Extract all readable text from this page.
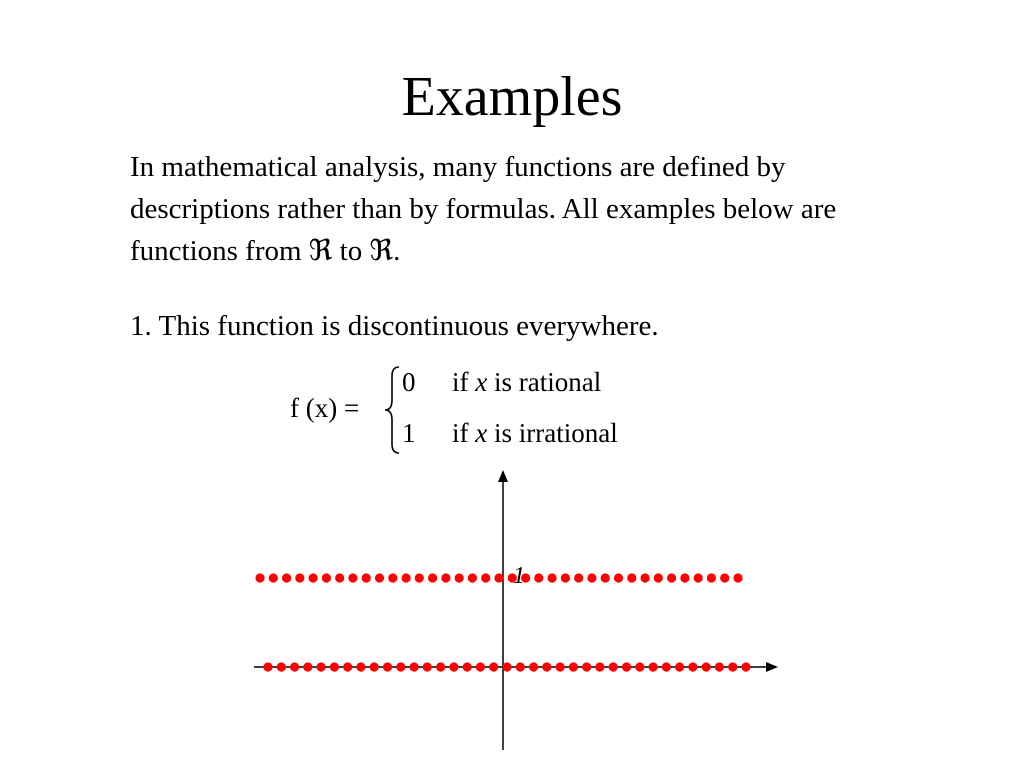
Examples
In mathematical analysis, many functions are defined by descriptions rather than by formulas. All examples below are functions from ℜ to ℜ.
1. This function is discontinuous everywhere.
f (x) =
0 if x is rational
1 if x is irrational
1
